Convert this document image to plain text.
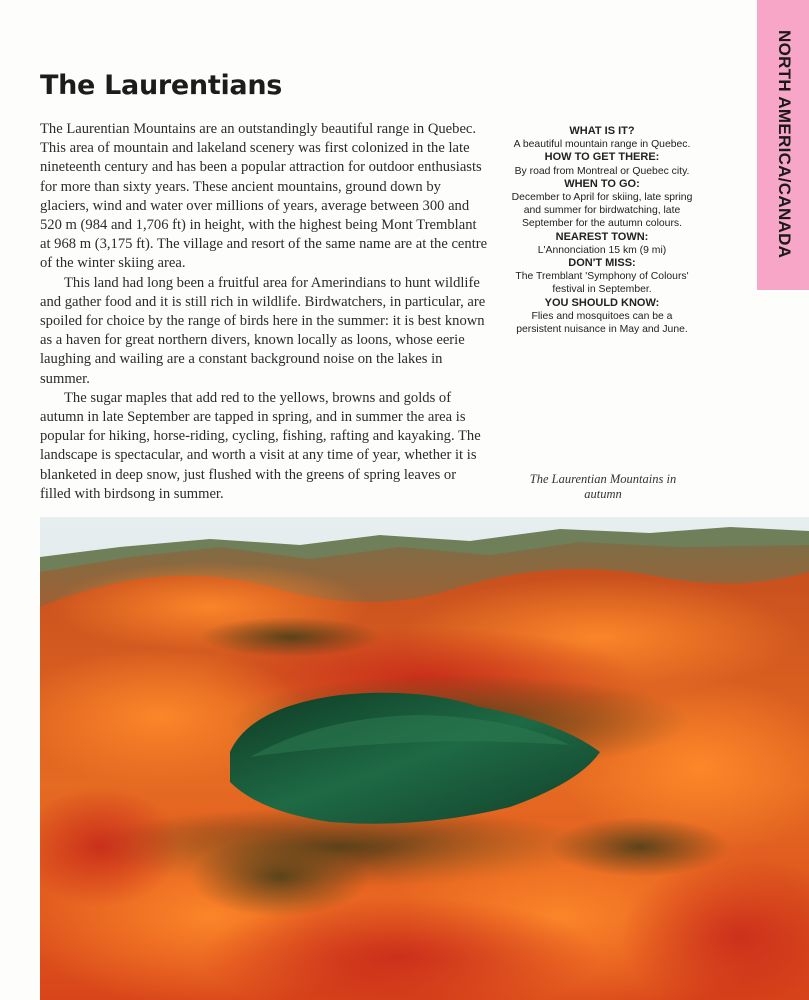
NORTH AMERICA/CANADA
The Laurentians

The Laurentian Mountains are an outstandingly beautiful range in Quebec. This area of mountain and lakeland scenery was first colonized in the late nineteenth century and has been a popular attraction for outdoor enthusiasts for more than sixty years. These ancient mountains, ground down by glaciers, wind and water over millions of years, average between 300 and 520 m (984 and 1,706 ft) in height, with the highest being Mont Tremblant at 968 m (3,175 ft). The village and resort of the same name are at the centre of the winter skiing area.

This land had long been a fruitful area for Amerindians to hunt wildlife and gather food and it is still rich in wildlife. Birdwatchers, in particular, are spoiled for choice by the range of birds here in the summer: it is best known as a haven for great northern divers, known locally as loons, whose eerie laughing and wailing are a constant background noise on the lakes in summer.

The sugar maples that add red to the yellows, browns and golds of autumn in late September are tapped in spring, and in summer the area is popular for hiking, horse-riding, cycling, fishing, rafting and kayaking. The landscape is spectacular, and worth a visit at any time of year, whether it is blanketed in deep snow, just flushed with the greens of spring leaves or filled with birdsong in summer.

WHAT IS IT?
A beautiful mountain range in Quebec.
HOW TO GET THERE:
By road from Montreal or Quebec city.
WHEN TO GO:
December to April for skiing, late spring and summer for birdwatching, late September for the autumn colours.
NEAREST TOWN:
L'Annonciation 15 km (9 mi)
DON'T MISS:
The Tremblant 'Symphony of Colours' festival in September.
YOU SHOULD KNOW:
Flies and mosquitoes can be a persistent nuisance in May and June.
The Laurentian Mountains in autumn
